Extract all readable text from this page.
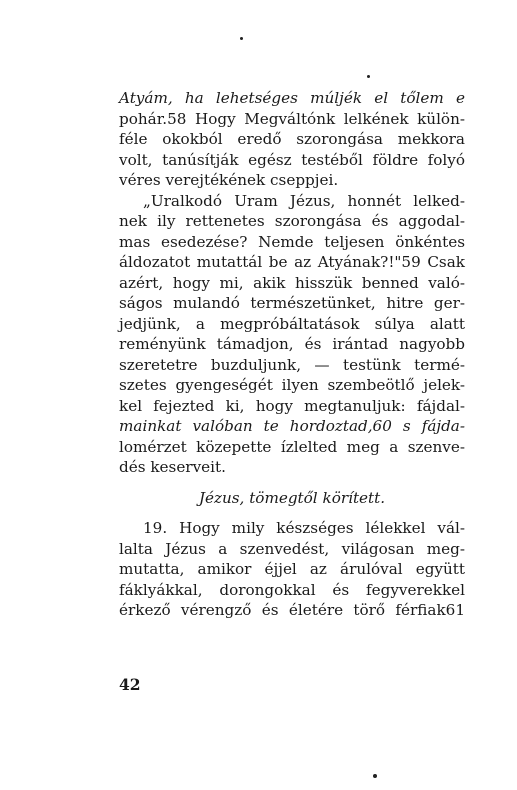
Atyám, ha lehetséges múljék el tőlem e
pohár.58 Hogy Megváltónk lelkének külön-
féle okokból eredő szorongása mekkora
volt, tanúsítják egész testéből földre folyó
véres verejtékének cseppjei.
„Uralkodó Uram Jézus, honnét lelked-
nek ily rettenetes szorongása és aggodal-
mas esedezése? Nemde teljesen önkéntes
áldozatot mutattál be az Atyának?!"59 Csak
azért, hogy mi, akik hisszük benned való-
ságos mulandó természetünket, hitre ger-
jedjünk, a megpróbáltatások súlya alatt
reményünk támadjon, és irántad nagyobb
szeretetre buzduljunk, — testünk termé-
szetes gyengeségét ilyen szembeötlő jelek-
kel fejezted ki, hogy megtanuljuk: fájdal-
mainkat valóban te hordoztad,60 s fájda-
lomérzet közepette ízlelted meg a szenve-
dés keserveit.
Jézus, tömegtől körített.
19. Hogy mily készséges lélekkel vál-
lalta Jézus a szenvedést, világosan meg-
mutatta, amikor éjjel az árulóval együtt
fáklyákkal, dorongokkal és fegyverekkel
érkező vérengző és életére törő férfiak61
42
